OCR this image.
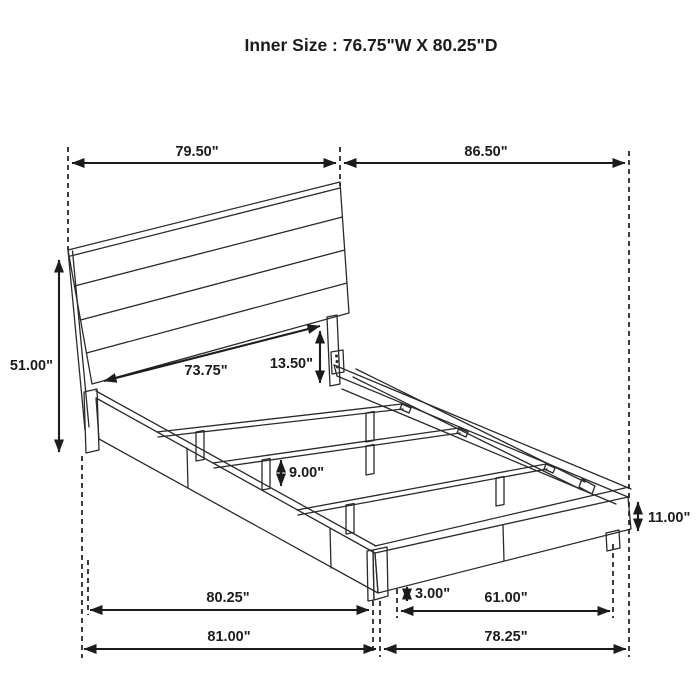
Inner Size : 76.75"W X 80.25"D
79.50"	86.50"
51.00"	73.75"	13.50"
9.00"
11.00"
3.00"
80.25"	61.00"
81.00"	78.25"
